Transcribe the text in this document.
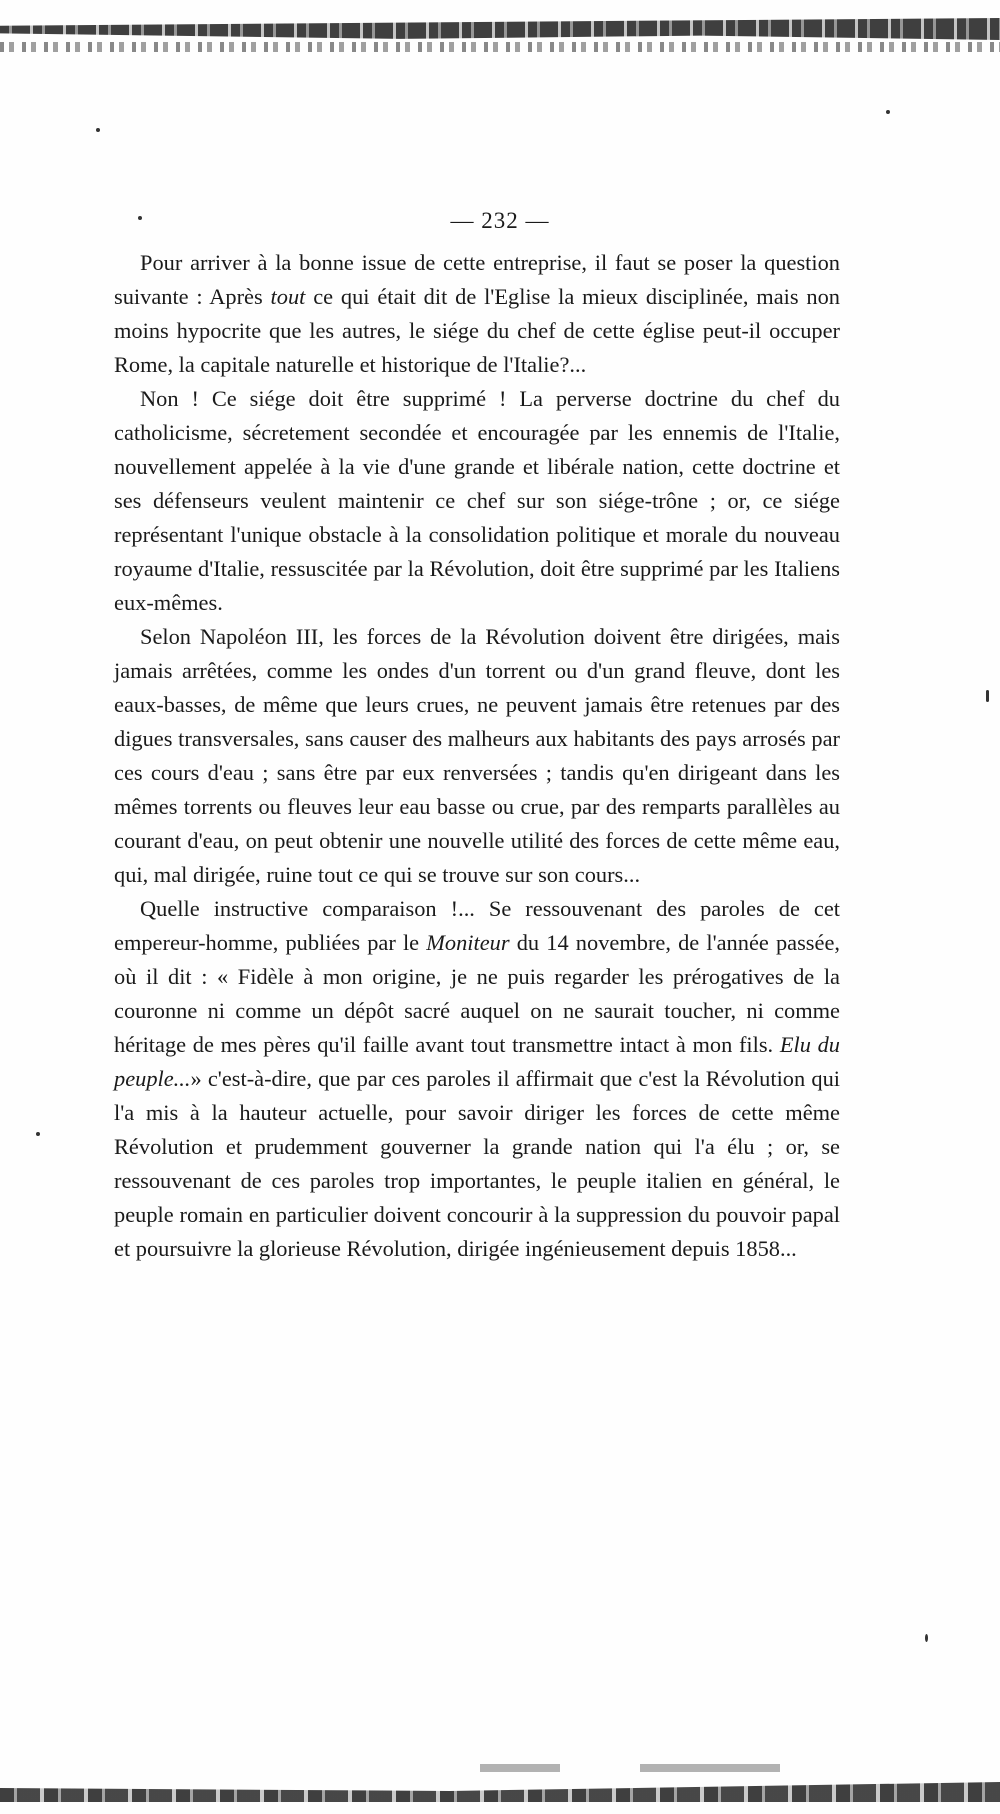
— 232 —

Pour arriver à la bonne issue de cette entreprise, il faut se poser la question suivante : Après tout ce qui était dit de l'Eglise la mieux disciplinée, mais non moins hypocrite que les autres, le siége du chef de cette église peut-il occuper Rome, la capitale naturelle et historique de l'Italie?...

Non ! Ce siége doit être supprimé ! La perverse doctrine du chef du catholicisme, sécretement secondée et encouragée par les ennemis de l'Italie, nouvellement appelée à la vie d'une grande et libérale nation, cette doctrine et ses défenseurs veulent maintenir ce chef sur son siége-trône ; or, ce siége représentant l'unique obstacle à la consolidation politique et morale du nouveau royaume d'Italie, ressuscitée par la Révolution, doit être supprimé par les Italiens eux-mêmes.

Selon Napoléon III, les forces de la Révolution doivent être dirigées, mais jamais arrêtées, comme les ondes d'un torrent ou d'un grand fleuve, dont les eaux-basses, de même que leurs crues, ne peuvent jamais être retenues par des digues transversales, sans causer des malheurs aux habitants des pays arrosés par ces cours d'eau ; sans être par eux renversées ; tandis qu'en dirigeant dans les mêmes torrents ou fleuves leur eau basse ou crue, par des remparts parallèles au courant d'eau, on peut obtenir une nouvelle utilité des forces de cette même eau, qui, mal dirigée, ruine tout ce qui se trouve sur son cours...

Quelle instructive comparaison !... Se ressouvenant des paroles de cet empereur-homme, publiées par le Moniteur du 14 novembre, de l'année passée, où il dit : « Fidèle à mon origine, je ne puis regarder les prérogatives de la couronne ni comme un dépôt sacré auquel on ne saurait toucher, ni comme héritage de mes pères qu'il faille avant tout transmettre intact à mon fils. Elu du peuple...» c'est-à-dire, que par ces paroles il affirmait que c'est la Révolution qui l'a mis à la hauteur actuelle, pour savoir diriger les forces de cette même Révolution et prudemment gouverner la grande nation qui l'a élu ; or, se ressouvenant de ces paroles trop importantes, le peuple italien en général, le peuple romain en particulier doivent concourir à la suppression du pouvoir papal et poursuivre la glorieuse Révolution, dirigée ingénieusement depuis 1858...
